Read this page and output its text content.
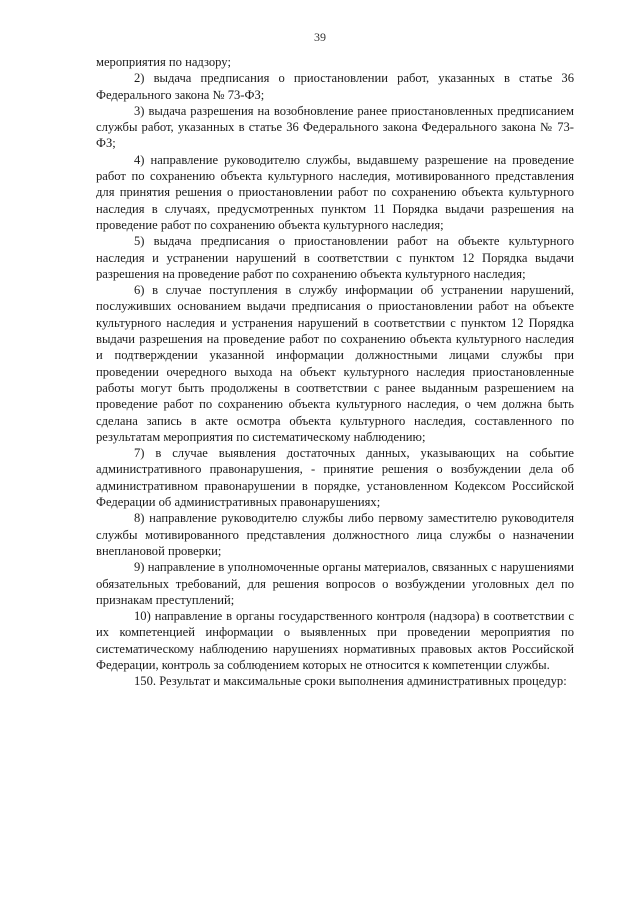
39

мероприятия по надзору;

2) выдача предписания о приостановлении работ, указанных в статье 36 Федерального закона № 73-ФЗ;

3) выдача разрешения на возобновление ранее приостановленных предписанием службы работ, указанных в статье 36 Федерального закона Федерального закона № 73-ФЗ;

4) направление руководителю службы, выдавшему разрешение на проведение работ по сохранению объекта культурного наследия, мотивированного представления для принятия решения о приостановлении работ по сохранению объекта культурного наследия в случаях, предусмотренных пунктом 11 Порядка выдачи разрешения на проведение работ по сохранению объекта культурного наследия;

5) выдача предписания о приостановлении работ на объекте культурного наследия и устранении нарушений в соответствии с пунктом 12 Порядка выдачи разрешения на проведение работ по сохранению объекта культурного наследия;

6) в случае поступления в службу информации об устранении нарушений, послуживших основанием выдачи предписания о приостановлении работ на объекте культурного наследия и устранения нарушений в соответствии с пунктом 12 Порядка выдачи разрешения на проведение работ по сохранению объекта культурного наследия и подтверждении указанной информации должностными лицами службы при проведении очередного выхода на объект культурного наследия приостановленные работы могут быть продолжены в соответствии с ранее выданным разрешением на проведение работ по сохранению объекта культурного наследия, о чем должна быть сделана запись в акте осмотра объекта культурного наследия, составленного по результатам мероприятия по систематическому наблюдению;

7) в случае выявления достаточных данных, указывающих на событие административного правонарушения, - принятие решения о возбуждении дела об административном правонарушении в порядке, установленном Кодексом Российской Федерации об административных правонарушениях;

8) направление руководителю службы либо первому заместителю руководителя службы мотивированного представления должностного лица службы о назначении внеплановой проверки;

9) направление в уполномоченные органы материалов, связанных с нарушениями обязательных требований, для решения вопросов о возбуждении уголовных дел по признакам преступлений;

10) направление в органы государственного контроля (надзора) в соответствии с их компетенцией информации о выявленных при проведении мероприятия по систематическому наблюдению нарушениях нормативных правовых актов Российской Федерации, контроль за соблюдением которых не относится к компетенции службы.

150. Результат и максимальные сроки выполнения административных процедур:
